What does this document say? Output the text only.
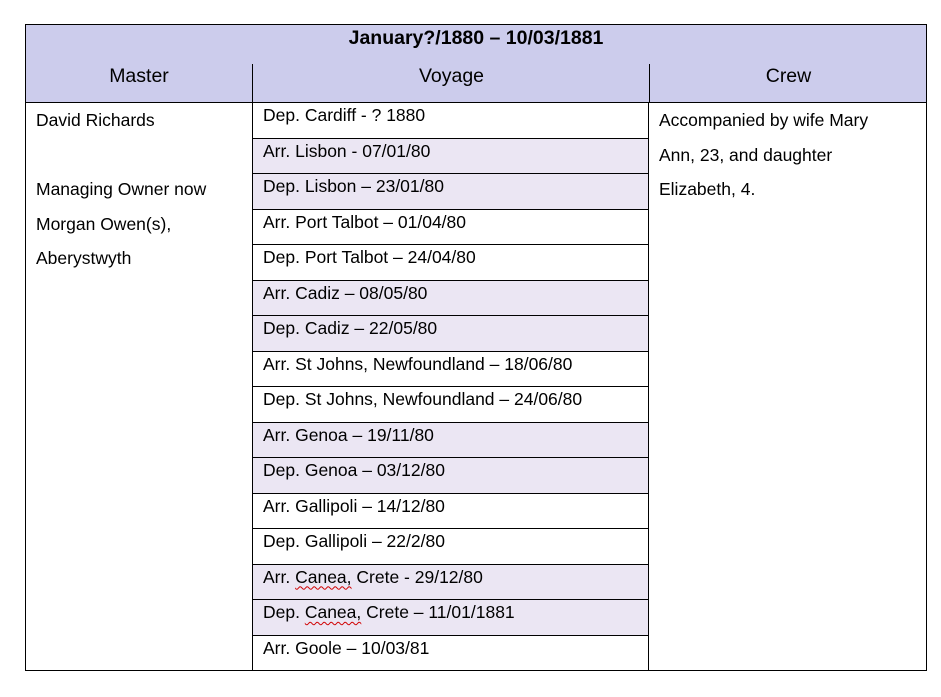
January?/1880 – 10/03/1881
Master	Voyage	Crew
David Richards
Managing Owner now
Morgan Owen(s),
Aberystwyth
Dep. Cardiff - ? 1880
Arr. Lisbon - 07/01/80
Dep. Lisbon – 23/01/80
Arr. Port Talbot – 01/04/80
Dep. Port Talbot – 24/04/80
Arr. Cadiz – 08/05/80
Dep. Cadiz – 22/05/80
Arr. St Johns, Newfoundland – 18/06/80
Dep. St Johns, Newfoundland – 24/06/80
Arr. Genoa – 19/11/80
Dep. Genoa – 03/12/80
Arr. Gallipoli – 14/12/80
Dep. Gallipoli – 22/2/80
Arr. Canea, Crete - 29/12/80
Dep. Canea, Crete – 11/01/1881
Arr. Goole – 10/03/81
Accompanied by wife Mary
Ann, 23, and daughter
Elizabeth, 4.
